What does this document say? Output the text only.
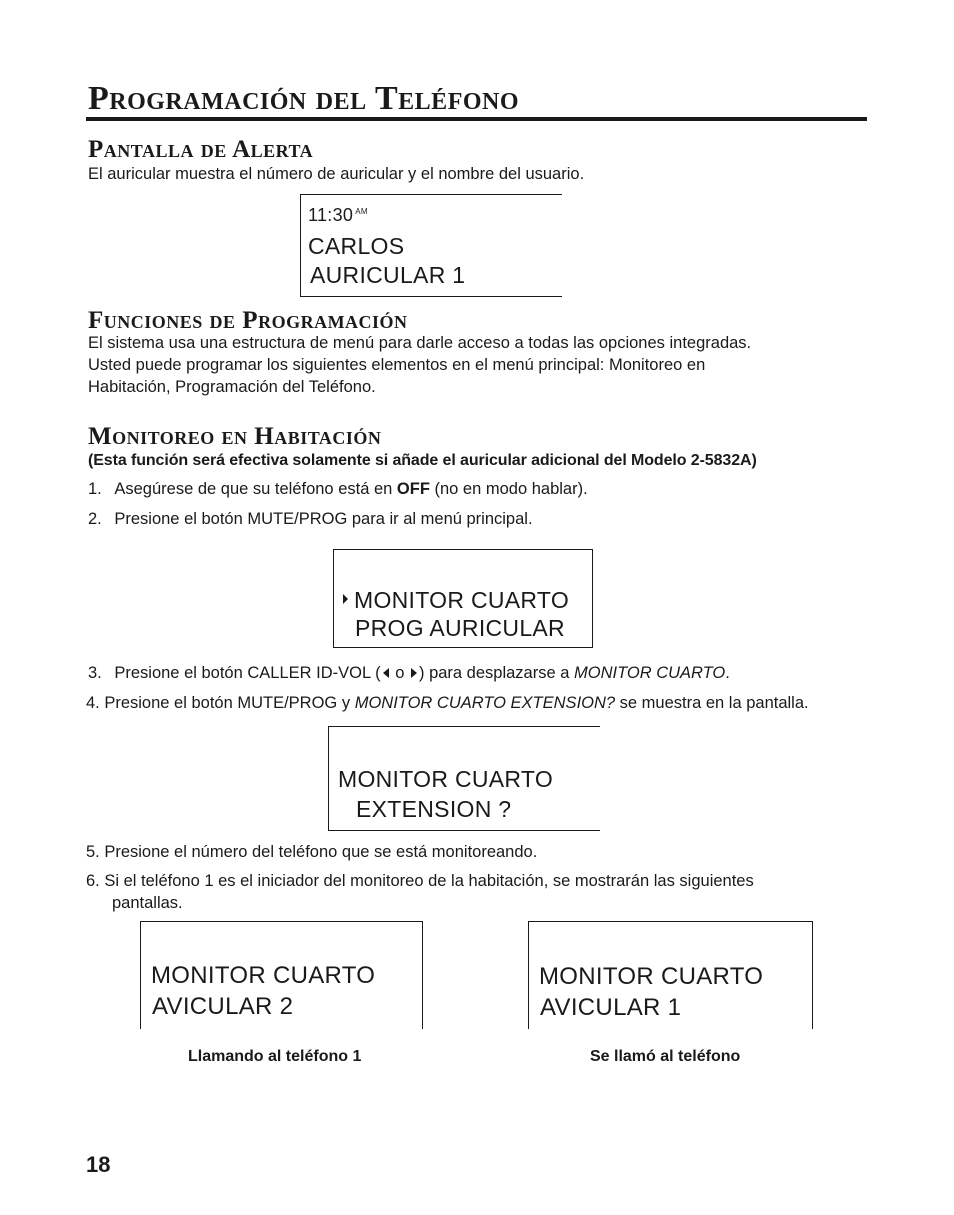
Programación del Teléfono
Pantalla de Alerta
El auricular muestra el número de auricular y el nombre del usuario.
11:30 $^{AM}$
CARLOS
AURICULAR 1
Funciones de Programación
El sistema usa una estructura de menú para darle acceso a todas las opciones integradas.
Usted puede programar los siguientes elementos en el menú principal: Monitoreo en
Habitación, Programación del Teléfono.
Monitoreo en Habitación
(Esta función será efectiva solamente si añade el auricular adicional del Modelo 2-5832A)
1. Asegúrese de que su teléfono está en OFF (no en modo hablar).
2. Presione el botón MUTE/PROG para ir al menú principal.
MONITOR CUARTO
PROG AURICULAR
3. Presione el botón CALLER ID-VOL ( o ) para desplazarse a MONITOR CUARTO.
4. Presione el botón MUTE/PROG y MONITOR CUARTO EXTENSION? se muestra en la pantalla.
MONITOR CUARTO
EXTENSION ?
5. Presione el número del teléfono que se está monitoreando.
6. Si el teléfono 1 es el iniciador del monitoreo de la habitación, se mostrarán las siguientes
pantallas.
MONITOR CUARTO
AVICULAR 2
Llamando al teléfono 1
MONITOR CUARTO
AVICULAR 1
Se llamó al teléfono
18
